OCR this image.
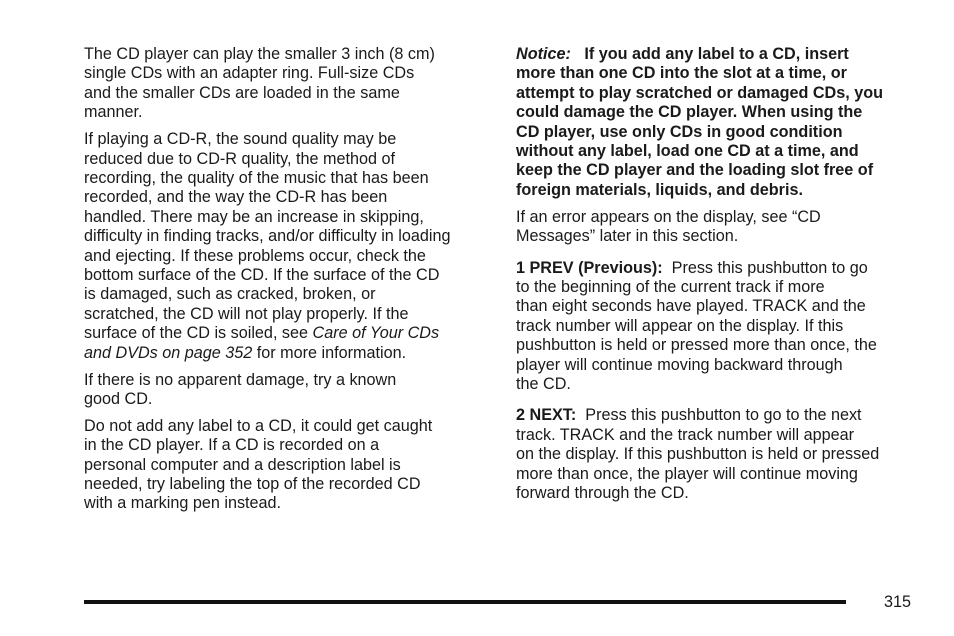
The CD player can play the smaller 3 inch (8 cm)
single CDs with an adapter ring. Full-size CDs
and the smaller CDs are loaded in the same
manner.

If playing a CD-R, the sound quality may be
reduced due to CD-R quality, the method of
recording, the quality of the music that has been
recorded, and the way the CD-R has been
handled. There may be an increase in skipping,
difficulty in finding tracks, and/or difficulty in loading
and ejecting. If these problems occur, check the
bottom surface of the CD. If the surface of the CD
is damaged, such as cracked, broken, or
scratched, the CD will not play properly. If the
surface of the CD is soiled, see Care of Your CDs
and DVDs on page 352 for more information.

If there is no apparent damage, try a known
good CD.

Do not add any label to a CD, it could get caught
in the CD player. If a CD is recorded on a
personal computer and a description label is
needed, try labeling the top of the recorded CD
with a marking pen instead.

Notice: If you add any label to a CD, insert
more than one CD into the slot at a time, or
attempt to play scratched or damaged CDs, you
could damage the CD player. When using the
CD player, use only CDs in good condition
without any label, load one CD at a time, and
keep the CD player and the loading slot free of
foreign materials, liquids, and debris.

If an error appears on the display, see “CD
Messages” later in this section.

1 PREV (Previous): Press this pushbutton to go
to the beginning of the current track if more
than eight seconds have played. TRACK and the
track number will appear on the display. If this
pushbutton is held or pressed more than once, the
player will continue moving backward through
the CD.

2 NEXT: Press this pushbutton to go to the next
track. TRACK and the track number will appear
on the display. If this pushbutton is held or pressed
more than once, the player will continue moving
forward through the CD.

315
